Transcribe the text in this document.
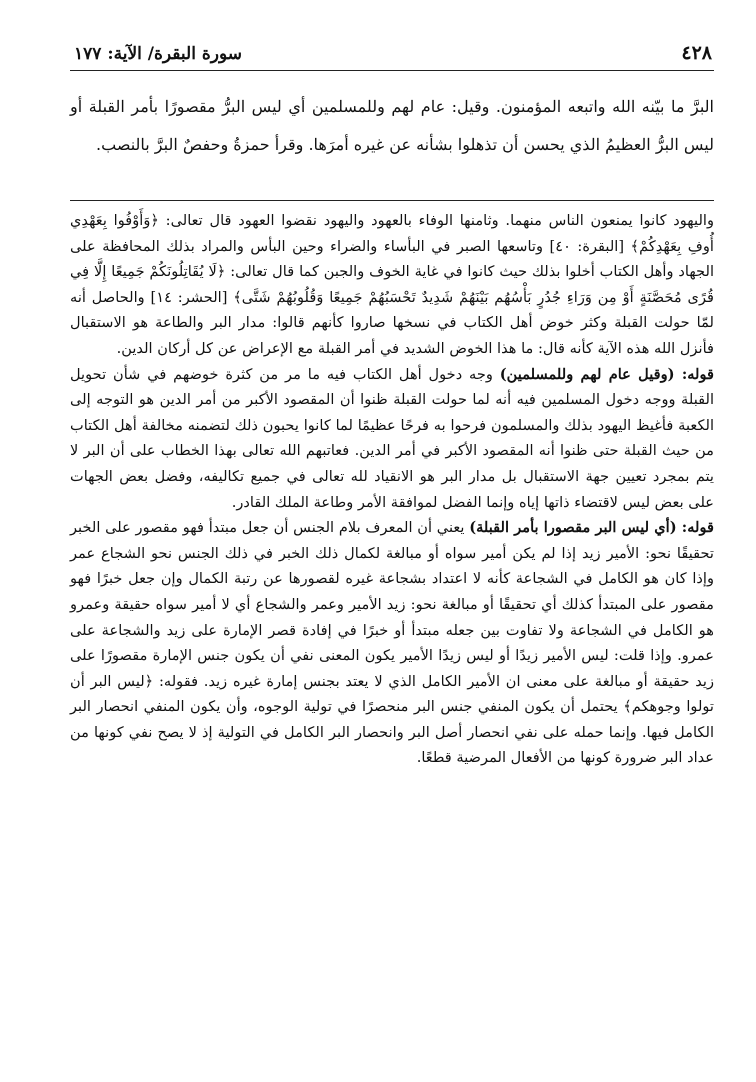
٤٢٨
سورة البقرة/ الآية: ١٧٧
البرَّ ما بيّنه الله واتبعه المؤمنون. وقيل: عام لهم وللمسلمين أي ليس البرُّ مقصورًا بأمر القبلة أو ليس البرُّ العظيمُ الذي يحسن أن تذهلوا بشأنه عن غيره أمرَها. وقرأ حمزةُ وحفصٌ البرَّ بالنصب.

واليهود كانوا يمنعون الناس منهما. وثامنها الوفاء بالعهود واليهود نقضوا العهود قال تعالى: ﴿وَأَوْفُوا بِعَهْدِي أُوفِ بِعَهْدِكُمْ﴾ [البقرة: ٤٠] وتاسعها الصبر في البأساء والضراء وحين البأس والمراد بذلك المحافظة على الجهاد وأهل الكتاب أخلوا بذلك حيث كانوا في غاية الخوف والجبن كما قال تعالى: ﴿لَا يُقَاتِلُونَكُمْ جَمِيعًا إِلَّا فِي قُرًى مُحَصَّنَةٍ أَوْ مِن وَرَاءِ جُدُرٍ بَأْسُهُم بَيْنَهُمْ شَدِيدٌ تَحْسَبُهُمْ جَمِيعًا وَقُلُوبُهُمْ شَتَّى﴾ [الحشر: ١٤] والحاصل أنه لمّا حولت القبلة وكثر خوض أهل الكتاب في نسخها صاروا كأنهم قالوا: مدار البر والطاعة هو الاستقبال فأنزل الله هذه الآية كأنه قال: ما هذا الخوض الشديد في أمر القبلة مع الإعراض عن كل أركان الدين.

قوله: (وقيل عام لهم وللمسلمين) وجه دخول أهل الكتاب فيه ما مر من كثرة خوضهم في شأن تحويل القبلة ووجه دخول المسلمين فيه أنه لما حولت القبلة ظنوا أن المقصود الأكبر من أمر الدين هو التوجه إلى الكعبة فأغيظ اليهود بذلك والمسلمون فرحوا به فرحًا عظيمًا لما كانوا يحبون ذلك لتضمنه مخالفة أهل الكتاب من حيث القبلة حتى ظنوا أنه المقصود الأكبر في أمر الدين. فعاتبهم الله تعالى بهذا الخطاب على أن البر لا يتم بمجرد تعيين جهة الاستقبال بل مدار البر هو الانقياد لله تعالى في جميع تكاليفه، وفضل بعض الجهات على بعض ليس لاقتضاء ذاتها إياه وإنما الفضل لموافقة الأمر وطاعة الملك القادر.

قوله: (أي ليس البر مقصورا بأمر القبلة) يعني أن المعرف بلام الجنس أن جعل مبتدأ فهو مقصور على الخبر تحقيقًا نحو: الأمير زيد إذا لم يكن أمير سواه أو مبالغة لكمال ذلك الخبر في ذلك الجنس نحو الشجاع عمر وإذا كان هو الكامل في الشجاعة كأنه لا اعتداد بشجاعة غيره لقصورها عن رتبة الكمال وإن جعل خبرًا فهو مقصور على المبتدأ كذلك أي تحقيقًا أو مبالغة نحو: زيد الأمير وعمر والشجاع أي لا أمير سواه حقيقة وعمرو هو الكامل في الشجاعة ولا تفاوت بين جعله مبتدأ أو خبرًا في إفادة قصر الإمارة على زيد والشجاعة على عمرو. وإذا قلت: ليس الأمير زيدًا أو ليس زيدًا الأمير يكون المعنى نفي أن يكون جنس الإمارة مقصورًا على زيد حقيقة أو مبالغة على معنى ان الأمير الكامل الذي لا يعتد بجنس إمارة غيره زيد. فقوله: ﴿ليس البر أن تولوا وجوهكم﴾ يحتمل أن يكون المنفي جنس البر منحصرًا في تولية الوجوه، وأن يكون المنفي انحصار البر الكامل فيها. وإنما حمله على نفي انحصار أصل البر وانحصار البر الكامل في التولية إذ لا يصح نفي كونها من عداد البر ضرورة كونها من الأفعال المرضية قطعًا.
